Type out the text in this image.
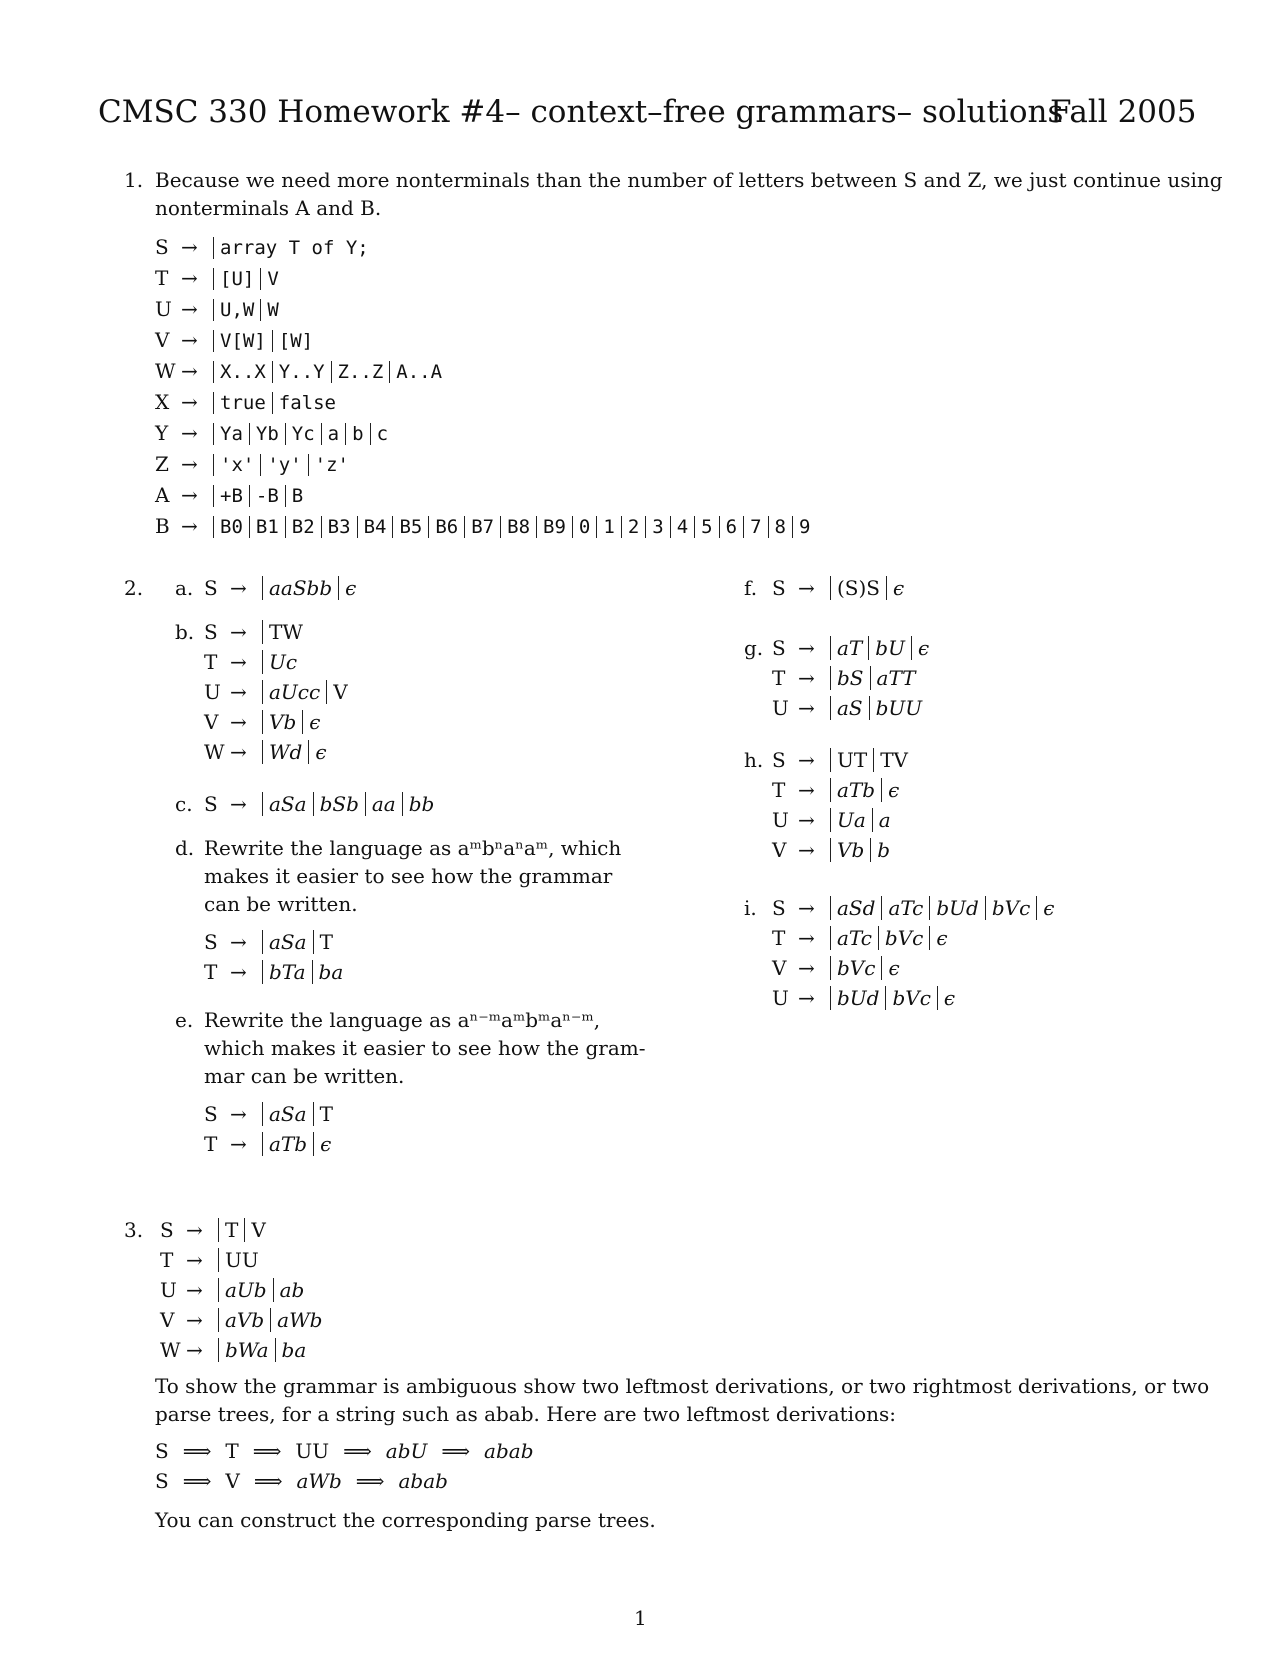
CMSC 330 Homework #4– context–free grammars– solutions
Fall 2005
1. Because we need more nonterminals than the number of letters between S and Z, we just continue using
nonterminals A and B.
S → array T of Y;
T → [U] V
U → U,W W
V → V[W] [W]
W → X..X Y..Y Z..Z A..A
X → true false
Y → Ya Yb Yc a b c
Z → 'x' 'y' 'z'
A → +B -B B
B → B0 B1 B2 B3 B4 B5 B6 B7 B8 B9 0 1 2 3 4 5 6 7 8 9
2. a. S → aaSbb ϵ
b. S → TW
T → Uc
U → aUcc V
V → Vb ϵ
W → Wd ϵ
c. S → aSa bSb aa bb
d. Rewrite the language as aᵐbⁿaⁿaᵐ, which
makes it easier to see how the grammar
can be written.
S → aSa T
T → bTa ba
e. Rewrite the language as aⁿ⁻ᵐaᵐbᵐaⁿ⁻ᵐ,
which makes it easier to see how the gram-
mar can be written.
S → aSa T
T → aTb ϵ
f. S → (S)S ϵ
g. S → aT bU ϵ
T → bS aTT
U → aS bUU
h. S → UT TV
T → aTb ϵ
U → Ua a
V → Vb b
i. S → aSd aTc bUd bVc ϵ
T → aTc bVc ϵ
V → bVc ϵ
U → bUd bVc ϵ
3. S → T V
T → UU
U → aUb ab
V → aVb aWb
W → bWa ba
To show the grammar is ambiguous show two leftmost derivations, or two rightmost derivations, or two
parse trees, for a string such as abab. Here are two leftmost derivations:
S ⟹ T ⟹ UU ⟹ abU ⟹ abab
S ⟹ V ⟹ aWb ⟹ abab
You can construct the corresponding parse trees.
1
